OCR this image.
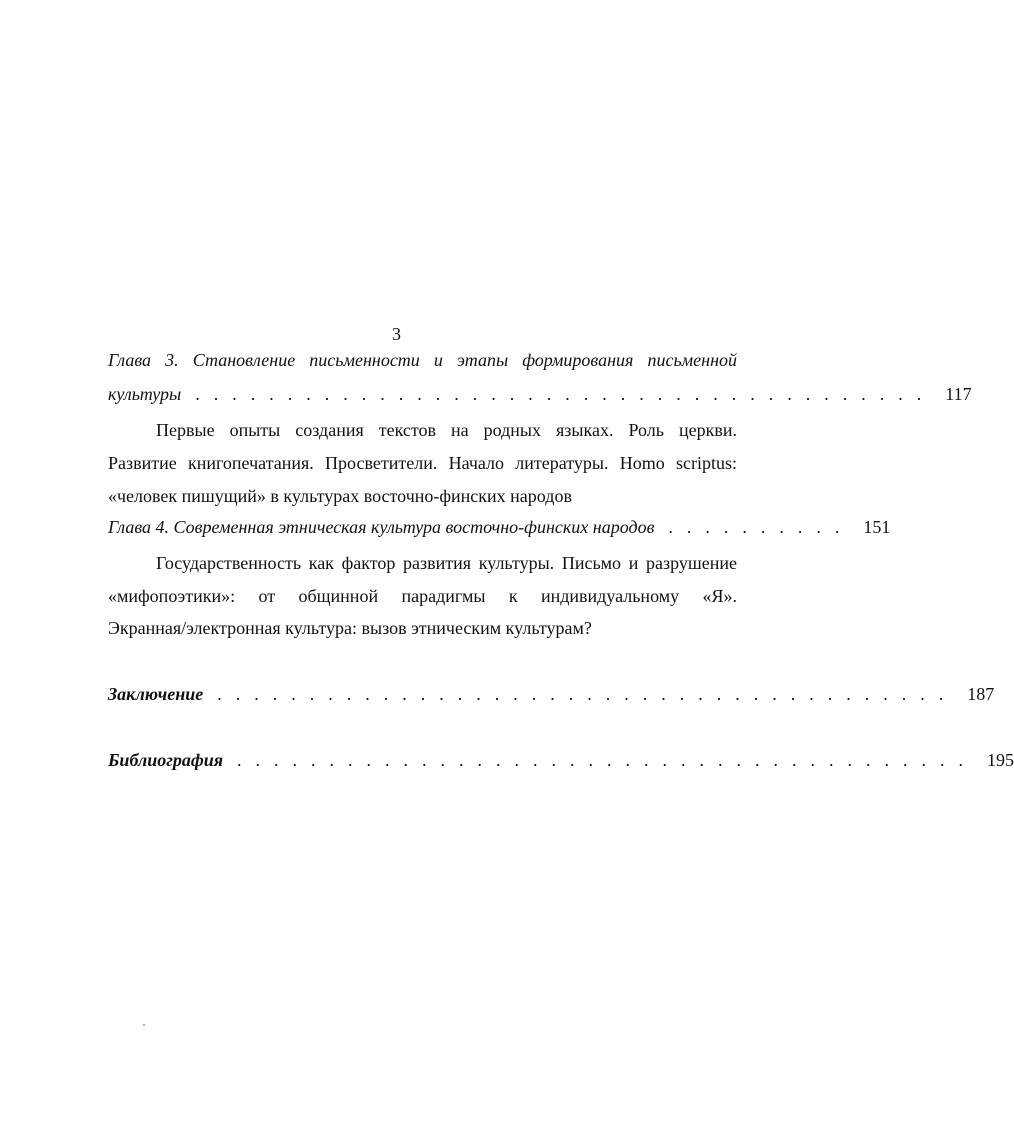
3
Глава 3. Становление письменности и этапы формирования письменной
культуры ........................................ 117
Первые опыты создания текстов на родных языках. Роль церкви.
Развитие книгопечатания. Просветители. Начало литературы. Homo scriptus:
«человек пишущий» в культурах восточно-финских народов
Глава 4. Современная этническая культура восточно-финских народов .......... 151
Государственность как фактор развития культуры. Письмо и разрушение
«мифопоэтики»: от общинной парадигмы к индивидуальному «Я».
Экранная/электронная культура: вызов этническим культурам?
Заключение ........................................ 187
Библиография ........................................ 195
